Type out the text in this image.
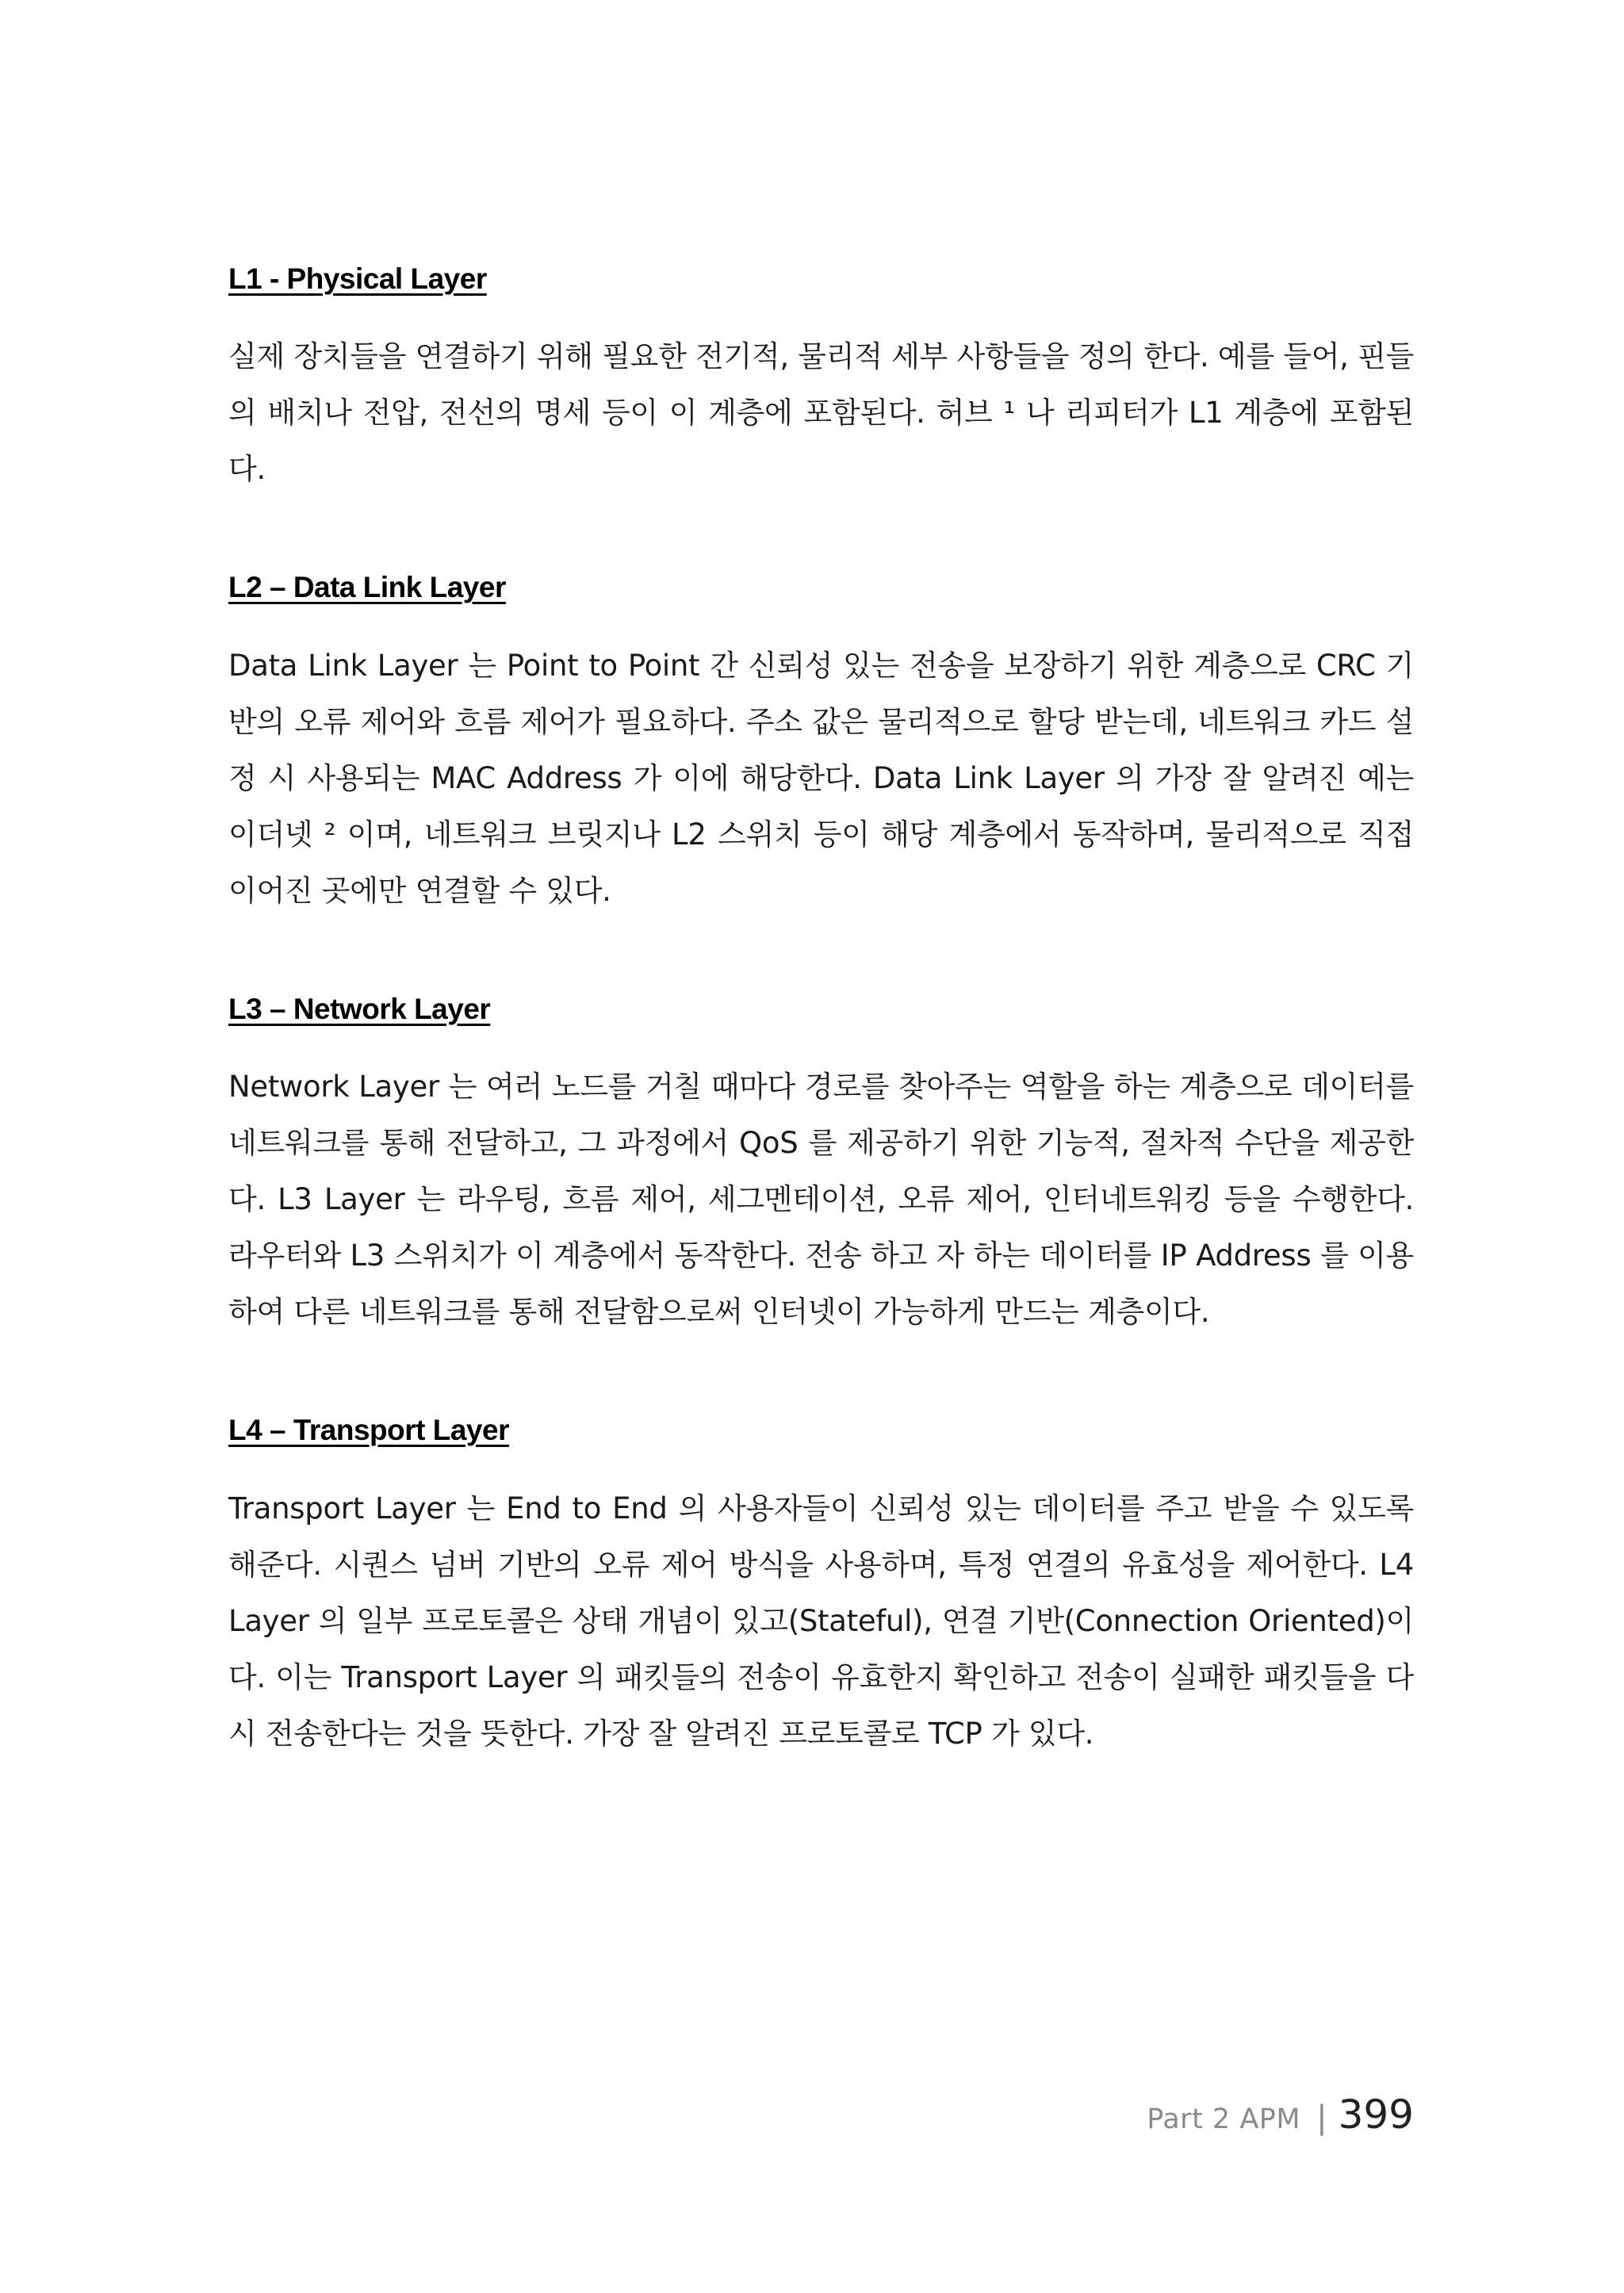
L1 - Physical Layer

실제 장치들을 연결하기 위해 필요한 전기적, 물리적 세부 사항들을 정의 한다. 예를 들어, 핀들의 배치나 전압, 전선의 명세 등이 이 계층에 포함된다. 허브 ¹ 나 리피터가 L1 계층에 포함된다.

L2 – Data Link Layer

Data Link Layer 는 Point to Point 간 신뢰성 있는 전송을 보장하기 위한 계층으로 CRC 기반의 오류 제어와 흐름 제어가 필요하다. 주소 값은 물리적으로 할당 받는데, 네트워크 카드 설정 시 사용되는 MAC Address 가 이에 해당한다. Data Link Layer 의 가장 잘 알려진 예는 이더넷 ² 이며, 네트워크 브릿지나 L2 스위치 등이 해당 계층에서 동작하며, 물리적으로 직접 이어진 곳에만 연결할 수 있다.

L3 – Network Layer

Network Layer 는 여러 노드를 거칠 때마다 경로를 찾아주는 역할을 하는 계층으로 데이터를 네트워크를 통해 전달하고, 그 과정에서 QoS 를 제공하기 위한 기능적, 절차적 수단을 제공한다. L3 Layer 는 라우팅, 흐름 제어, 세그멘테이션, 오류 제어, 인터네트워킹 등을 수행한다. 라우터와 L3 스위치가 이 계층에서 동작한다. 전송 하고 자 하는 데이터를 IP Address 를 이용하여 다른 네트워크를 통해 전달함으로써 인터넷이 가능하게 만드는 계층이다.

L4 – Transport Layer

Transport Layer 는 End to End 의 사용자들이 신뢰성 있는 데이터를 주고 받을 수 있도록 해준다. 시퀀스 넘버 기반의 오류 제어 방식을 사용하며, 특정 연결의 유효성을 제어한다. L4 Layer 의 일부 프로토콜은 상태 개념이 있고(Stateful), 연결 기반(Connection Oriented)이다. 이는 Transport Layer 의 패킷들의 전송이 유효한지 확인하고 전송이 실패한 패킷들을 다시 전송한다는 것을 뜻한다. 가장 잘 알려진 프로토콜로 TCP 가 있다.

Part 2 APM | 399
